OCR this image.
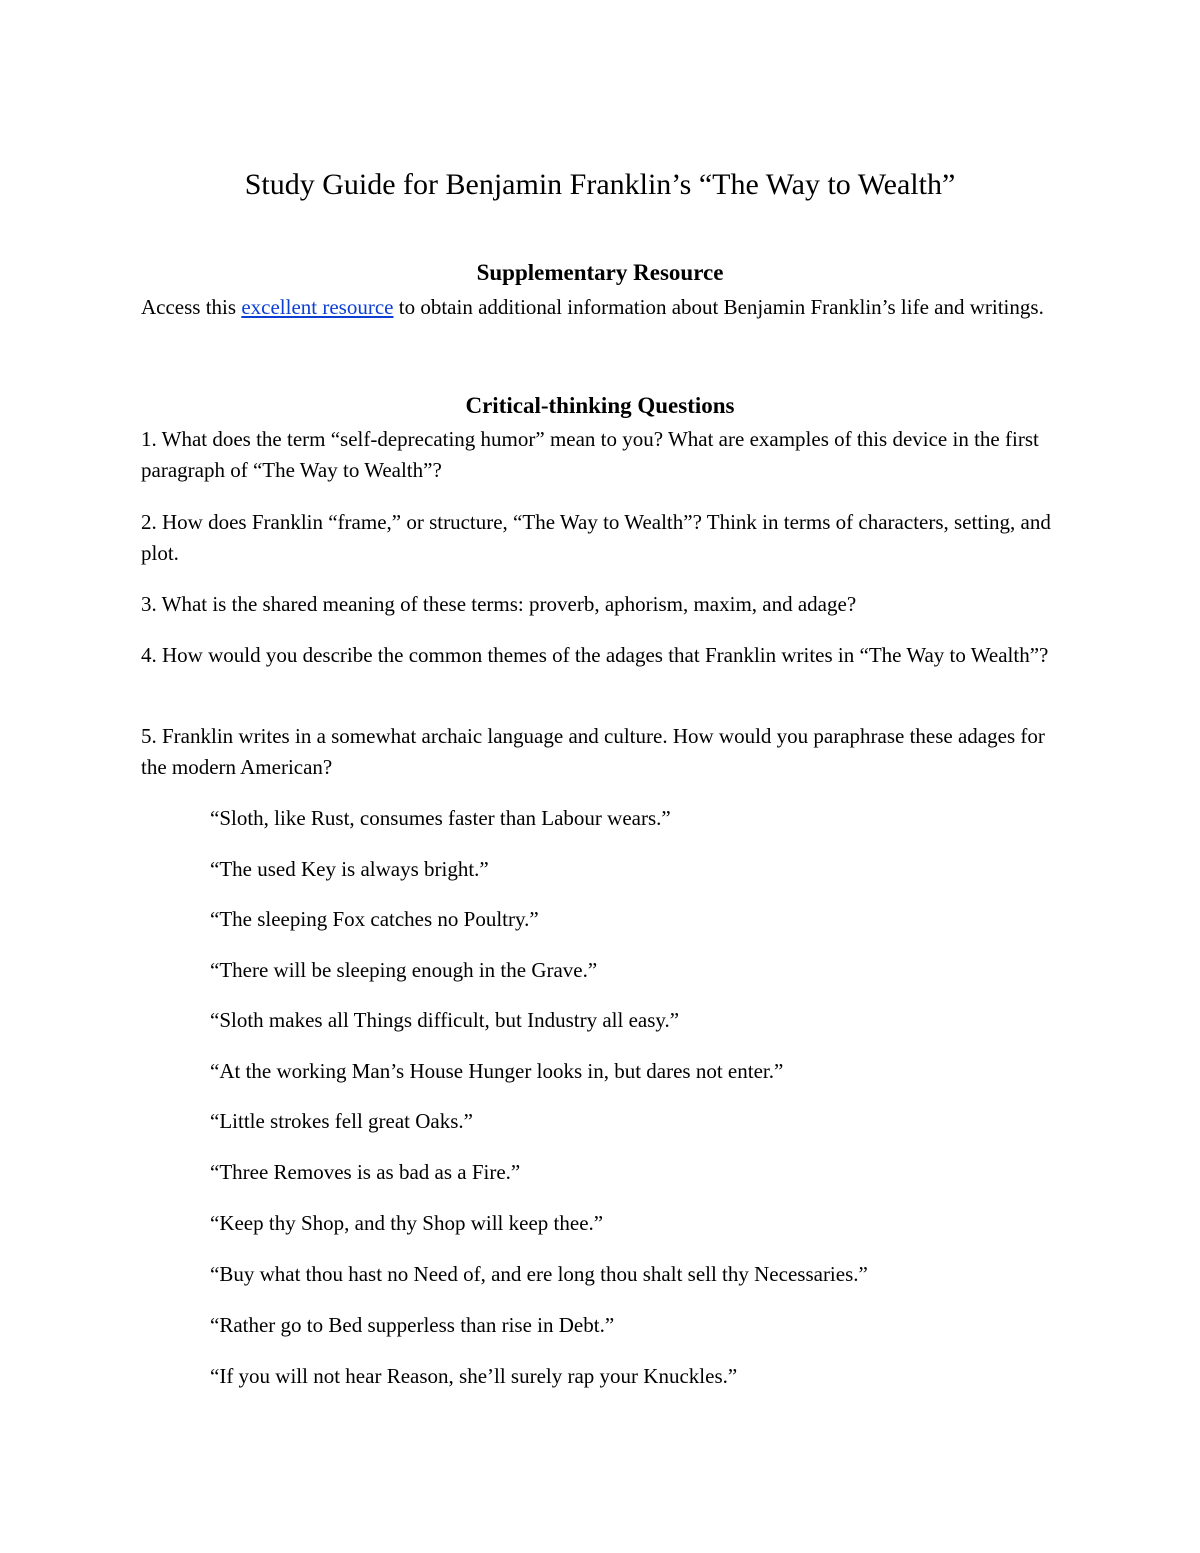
Study Guide for Benjamin Franklin’s “The Way to Wealth”
Supplementary Resource

Access this excellent resource to obtain additional information about Benjamin Franklin’s life and writings.

Critical-thinking Questions

1. What does the term “self-deprecating humor” mean to you? What are examples of this device in the first paragraph of “The Way to Wealth”?

2. How does Franklin “frame,” or structure, “The Way to Wealth”? Think in terms of characters, setting, and plot.

3. What is the shared meaning of these terms: proverb, aphorism, maxim, and adage?

4. How would you describe the common themes of the adages that Franklin writes in “The Way to Wealth”?

5. Franklin writes in a somewhat archaic language and culture. How would you paraphrase these adages for the modern American?

“Sloth, like Rust, consumes faster than Labour wears.”

“The used Key is always bright.”

“The sleeping Fox catches no Poultry.”

“There will be sleeping enough in the Grave.”

“Sloth makes all Things difficult, but Industry all easy.”

“At the working Man’s House Hunger looks in, but dares not enter.”

“Little strokes fell great Oaks.”

“Three Removes is as bad as a Fire.”

“Keep thy Shop, and thy Shop will keep thee.”

“Buy what thou hast no Need of, and ere long thou shalt sell thy Necessaries.”

“Rather go to Bed supperless than rise in Debt.”

“If you will not hear Reason, she’ll surely rap your Knuckles.”
